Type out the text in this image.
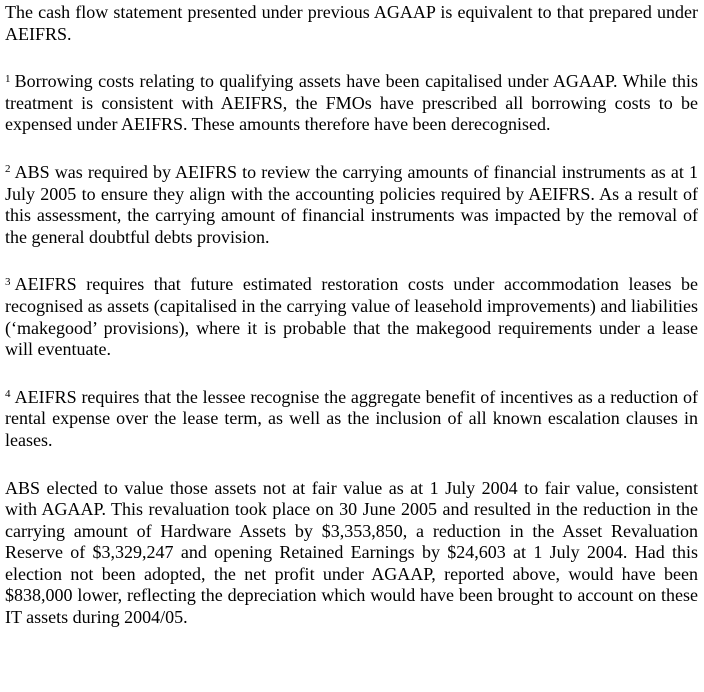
The cash flow statement presented under previous AGAAP is equivalent to that prepared under AEIFRS.

$^1$ Borrowing costs relating to qualifying assets have been capitalised under AGAAP. While this treatment is consistent with AEIFRS, the FMOs have prescribed all borrowing costs to be expensed under AEIFRS. These amounts therefore have been derecognised.

$^2$ ABS was required by AEIFRS to review the carrying amounts of financial instruments as at 1 July 2005 to ensure they align with the accounting policies required by AEIFRS. As a result of this assessment, the carrying amount of financial instruments was impacted by the removal of the general doubtful debts provision.

$^3$ AEIFRS requires that future estimated restoration costs under accommodation leases be recognised as assets (capitalised in the carrying value of leasehold improvements) and liabilities (‘makegood’ provisions), where it is probable that the makegood requirements under a lease will eventuate.

$^4$ AEIFRS requires that the lessee recognise the aggregate benefit of incentives as a reduction of rental expense over the lease term, as well as the inclusion of all known escalation clauses in leases.

ABS elected to value those assets not at fair value as at 1 July 2004 to fair value, consistent with AGAAP. This revaluation took place on 30 June 2005 and resulted in the reduction in the carrying amount of Hardware Assets by $3,353,850, a reduction in the Asset Revaluation Reserve of $3,329,247 and opening Retained Earnings by $24,603 at 1 July 2004. Had this election not been adopted, the net profit under AGAAP, reported above, would have been $838,000 lower, reflecting the depreciation which would have been brought to account on these IT assets during 2004/05.
